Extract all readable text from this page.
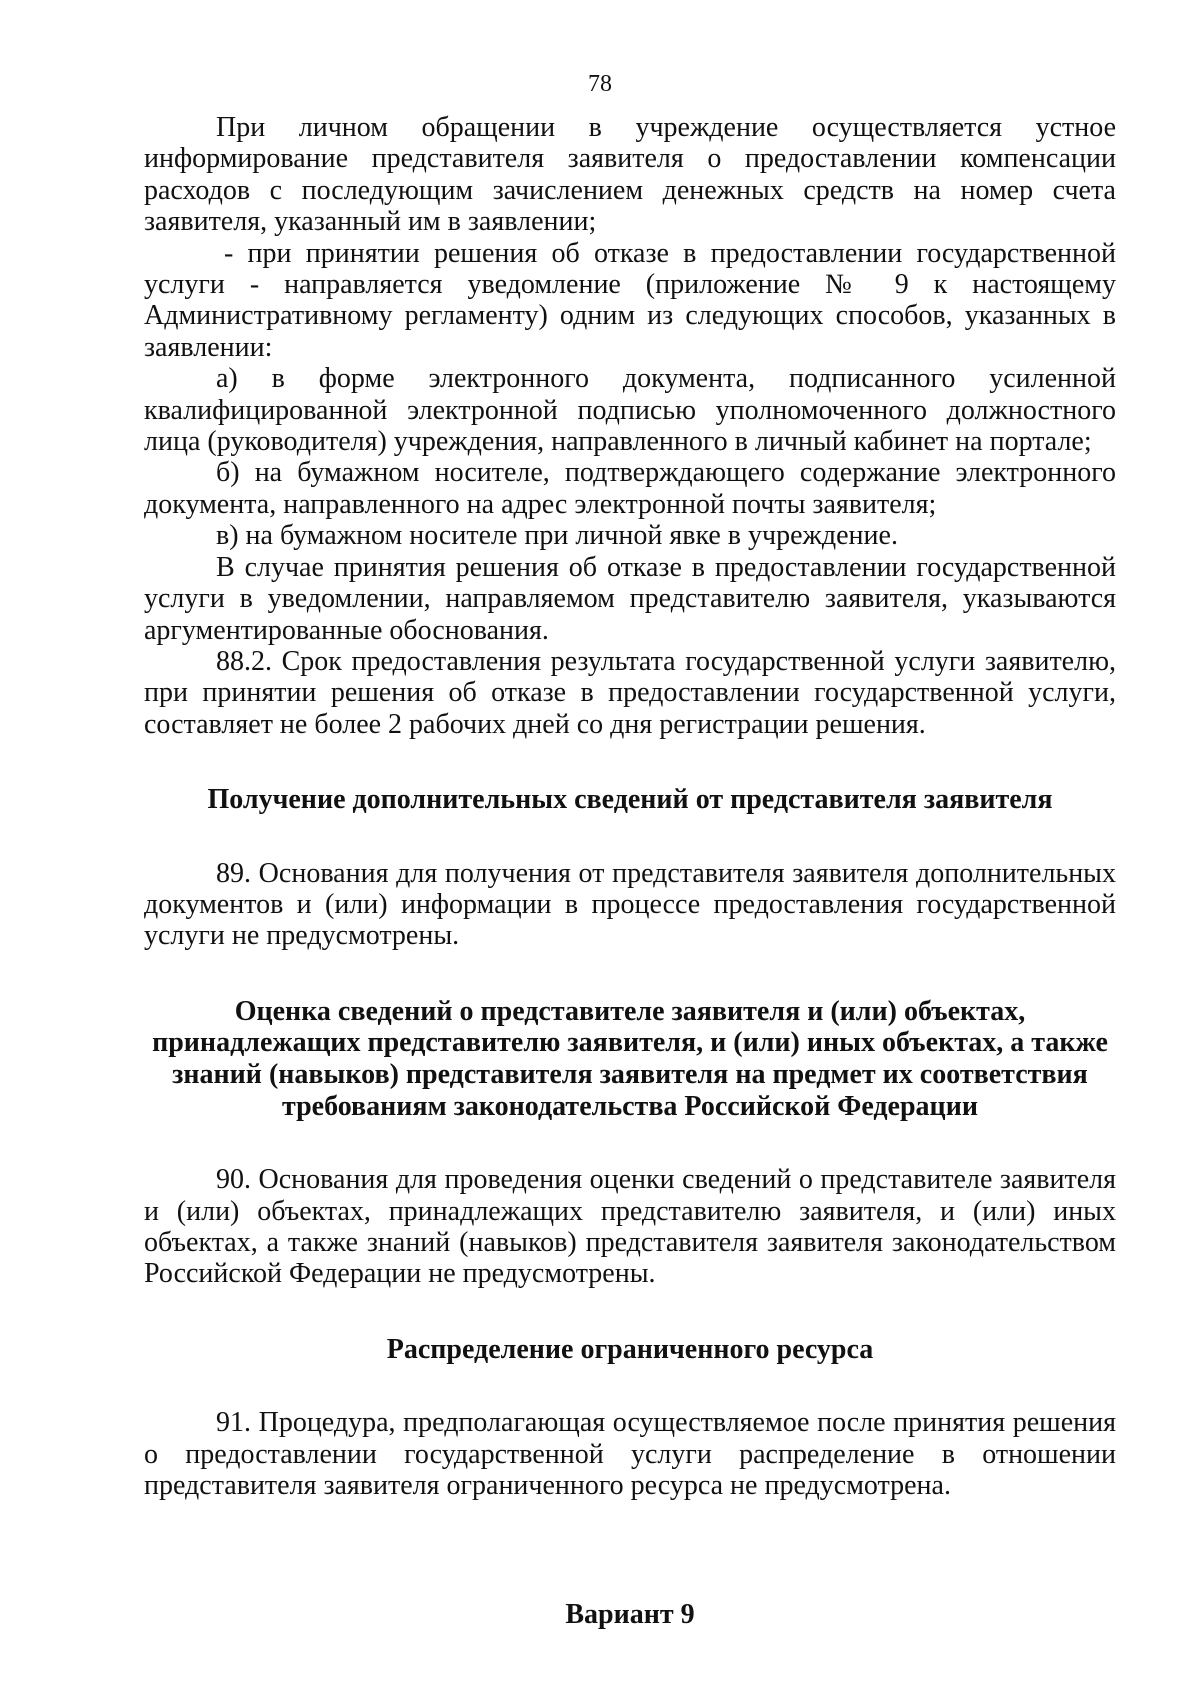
78

При личном обращении в учреждение осуществляется устное информирование представителя заявителя о предоставлении компенсации расходов с последующим зачислением денежных средств на номер счета заявителя, указанный им в заявлении;

- при принятии решения об отказе в предоставлении государственной услуги - направляется уведомление (приложение № 9 к настоящему Административному регламенту) одним из следующих способов, указанных в заявлении:

а) в форме электронного документа, подписанного усиленной квалифицированной электронной подписью уполномоченного должностного лица (руководителя) учреждения, направленного в личный кабинет на портале;

б) на бумажном носителе, подтверждающего содержание электронного документа, направленного на адрес электронной почты заявителя;

в) на бумажном носителе при личной явке в учреждение.

В случае принятия решения об отказе в предоставлении государственной услуги в уведомлении, направляемом представителю заявителя, указываются аргументированные обоснования.

88.2. Срок предоставления результата государственной услуги заявителю, при принятии решения об отказе в предоставлении государственной услуги, составляет не более 2 рабочих дней со дня регистрации решения.

Получение дополнительных сведений от представителя заявителя

89. Основания для получения от представителя заявителя дополнительных документов и (или) информации в процессе предоставления государственной услуги не предусмотрены.

Оценка сведений о представителе заявителя и (или) объектах,
принадлежащих представителю заявителя, и (или) иных объектах, а также
знаний (навыков) представителя заявителя на предмет их соответствия
требованиям законодательства Российской Федерации

90. Основания для проведения оценки сведений о представителе заявителя и (или) объектах, принадлежащих представителю заявителя, и (или) иных объектах, а также знаний (навыков) представителя заявителя законодательством Российской Федерации не предусмотрены.

Распределение ограниченного ресурса

91. Процедура, предполагающая осуществляемое после принятия решения о предоставлении государственной услуги распределение в отношении представителя заявителя ограниченного ресурса не предусмотрена.

Вариант 9
